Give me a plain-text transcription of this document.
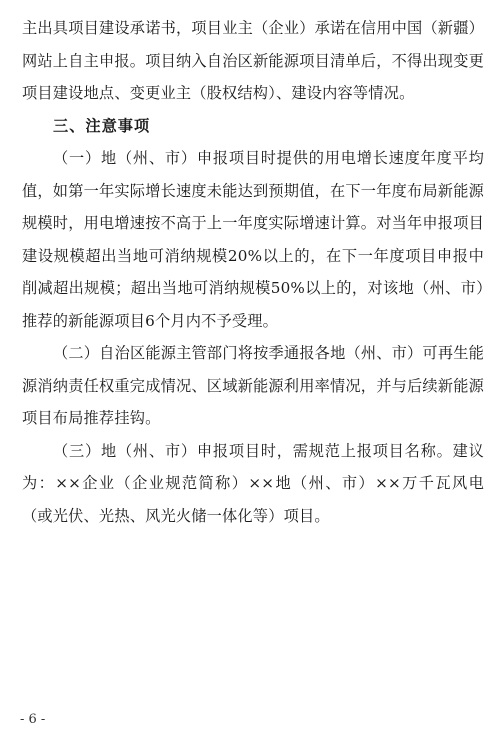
主出具项目建设承诺书，项目业主（企业）承诺在信用中国（新疆）网站上自主申报。项目纳入自治区新能源项目清单后，不得出现变更项目建设地点、变更业主（股权结构）、建设内容等情况。

三、注意事项

（一）地（州、市）申报项目时提供的用电增长速度年度平均值，如第一年实际增长速度未能达到预期值，在下一年度布局新能源规模时，用电增速按不高于上一年度实际增速计算。对当年申报项目建设规模超出当地可消纳规模20%以上的，在下一年度项目申报中削减超出规模；超出当地可消纳规模50%以上的，对该地（州、市）推荐的新能源项目6个月内不予受理。

（二）自治区能源主管部门将按季通报各地（州、市）可再生能源消纳责任权重完成情况、区域新能源利用率情况，并与后续新能源项目布局推荐挂钩。

（三）地（州、市）申报项目时，需规范上报项目名称。建议为：××企业（企业规范简称）××地（州、市）××万千瓦风电（或光伏、光热、风光火储一体化等）项目。

- 6 -
